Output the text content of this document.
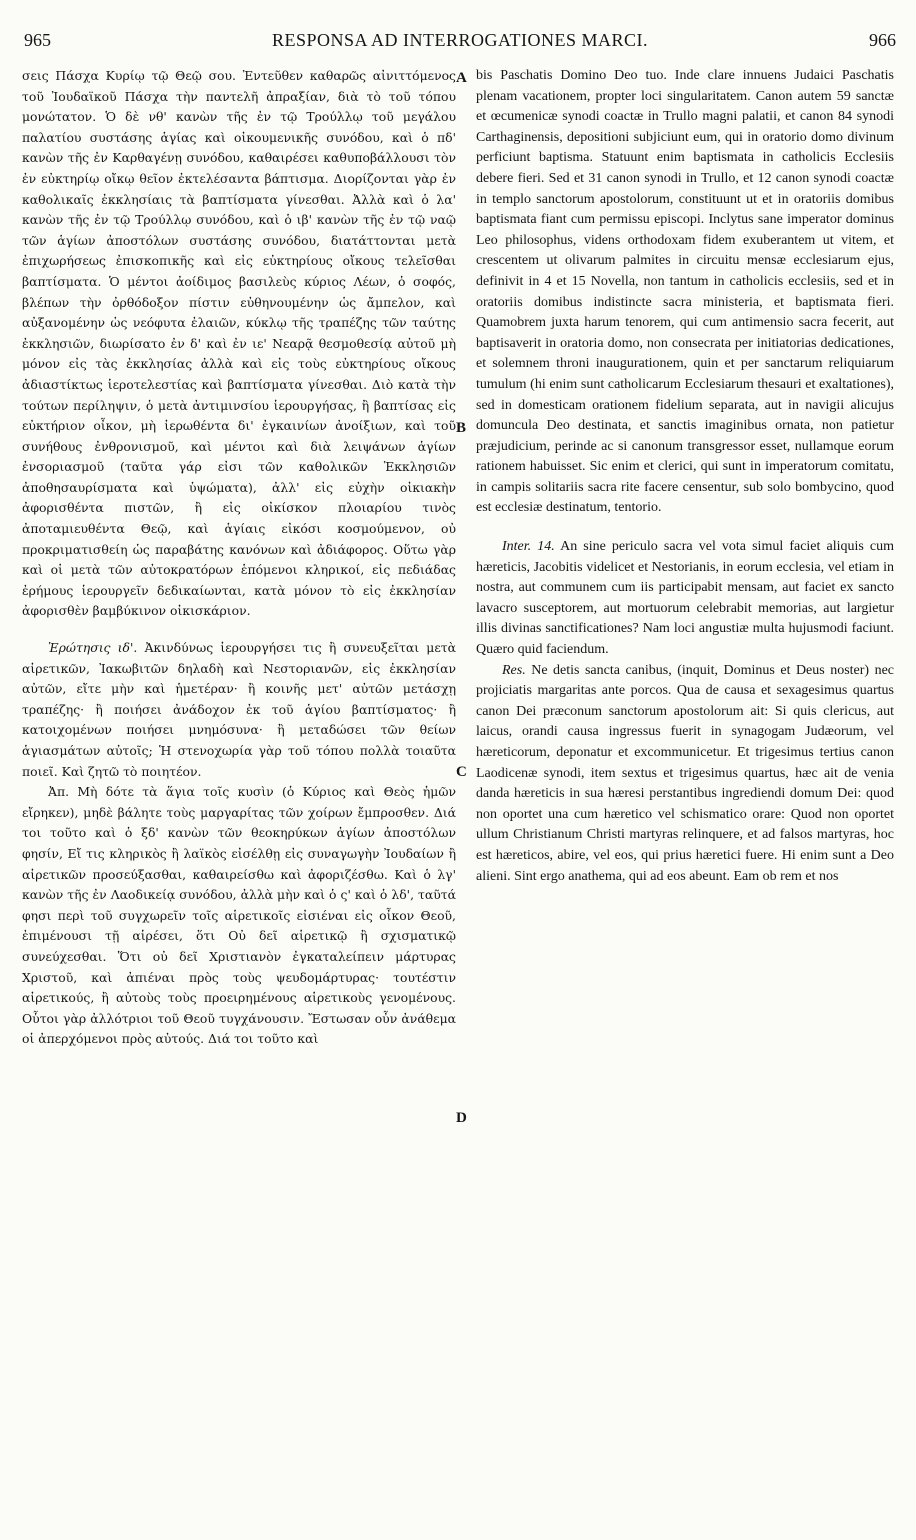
965	RESPONSA AD INTERROGATIONES MARCI.	966
A
B
C
D

σεις Πάσχα Κυρίῳ τῷ Θεῷ σου. Ἐντεῦθεν καθαρῶς αἰνιττόμενος τοῦ Ἰουδαϊκοῦ Πάσχα τὴν παντελῆ ἀπραξίαν, διὰ τὸ τοῦ τόπου μονώτατον. Ὁ δὲ νθ' κανὼν τῆς ἐν τῷ Τρούλλῳ τοῦ μεγάλου παλατίου συστάσης ἁγίας καὶ οἰκουμενικῆς συνόδου, καὶ ὁ πδ' κανὼν τῆς ἐν Καρθαγένῃ συνόδου, καθαιρέσει καθυποβάλλουσι τὸν ἐν εὐκτηρίῳ οἴκῳ θεῖον ἐκτελέσαντα βάπτισμα. Διορίζονται γὰρ ἐν καθολικαῖς ἐκκλησίαις τὰ βαπτίσματα γίνεσθαι. Ἀλλὰ καὶ ὁ λα' κανὼν τῆς ἐν τῷ Τρούλλῳ συνόδου, καὶ ὁ ιβ' κανὼν τῆς ἐν τῷ ναῷ τῶν ἁγίων ἀποστόλων συστάσης συνόδου, διατάττονται μετὰ ἐπιχωρήσεως ἐπισκοπικῆς καὶ εἰς εὐκτηρίους οἴκους τελεῖσθαι βαπτίσματα. Ὁ μέντοι ἀοίδιμος βασιλεὺς κύριος Λέων, ὁ σοφός, βλέπων τὴν ὀρθόδοξον πίστιν εὐθηνουμένην ὡς ἄμπελον, καὶ αὐξανομένην ὡς νεόφυτα ἐλαιῶν, κύκλῳ τῆς τραπέζης τῶν ταύτης ἐκκλησιῶν, διωρίσατο ἐν δ' καὶ ἐν ιε' Νεαρᾷ θεσμοθεσίᾳ αὐτοῦ μὴ μόνον εἰς τὰς ἐκκλησίας ἀλλὰ καὶ εἰς τοὺς εὐκτηρίους οἴκους ἀδιαστίκτως ἱεροτελεστίας καὶ βαπτίσματα γίνεσθαι. Διὸ κατὰ τὴν τούτων περίληψιν, ὁ μετὰ ἀντιμινσίου ἱερουργήσας, ἢ βαπτίσας εἰς εὐκτήριον οἶκον, μὴ ἱερωθέντα δι' ἐγκαινίων ἀνοίξιων, καὶ τοῦ συνήθους ἐνθρονισμοῦ, καὶ μέντοι καὶ διὰ λειψάνων ἁγίων ἐνσοριασμοῦ (ταῦτα γάρ εἰσι τῶν καθολικῶν Ἐκκλησιῶν ἀποθησαυρίσματα καὶ ὑψώματα), ἀλλ' εἰς εὐχὴν οἰκιακὴν ἀφορισθέντα πιστῶν, ἢ εἰς οἰκίσκον πλοιαρίου τινὸς ἀποταμιευθέντα Θεῷ, καὶ ἁγίαις εἰκόσι κοσμούμενον, οὐ προκριματισθείη ὡς παραβάτης κανόνων καὶ ἀδιάφορος. Οὕτω γὰρ καὶ οἱ μετὰ τῶν αὐτοκρατόρων ἑπόμενοι κληρικοί, εἰς πεδιάδας ἐρήμους ἱερουργεῖν δεδικαίωνται, κατὰ μόνον τὸ εἰς ἐκκλησίαν ἀφορισθὲν βαμβύκινον οἰκισκάριον.

Ἐρώτησις ιδ'. Ἀκινδύνως ἱερουργήσει τις ἢ συνευξεῖται μετὰ αἱρετικῶν, Ἰακωβιτῶν δηλαδὴ καὶ Νεστοριανῶν, εἰς ἐκκλησίαν αὐτῶν, εἴτε μὴν καὶ ἡμετέραν· ἢ κοινῆς μετ' αὐτῶν μετάσχῃ τραπέζης· ἢ ποιήσει ἀνάδοχον ἐκ τοῦ ἁγίου βαπτίσματος· ἢ κατοιχομένων ποιήσει μνημόσυνα· ἢ μεταδώσει τῶν θείων ἁγιασμάτων αὐτοῖς; Ἡ στενοχωρία γὰρ τοῦ τόπου πολλὰ τοιαῦτα ποιεῖ. Καὶ ζητῶ τὸ ποιητέον.

Ἀπ. Μὴ δότε τὰ ἅγια τοῖς κυσὶν (ὁ Κύριος καὶ Θεὸς ἡμῶν εἴρηκεν), μηδὲ βάλητε τοὺς μαργαρίτας τῶν χοίρων ἔμπροσθεν. Διά τοι τοῦτο καὶ ὁ ξδ' κανὼν τῶν θεοκηρύκων ἁγίων ἀποστόλων φησίν, Εἴ τις κληρικὸς ἢ λαϊκὸς εἰσέλθῃ εἰς συναγωγὴν Ἰουδαίων ἢ αἱρετικῶν προσεύξασθαι, καθαιρείσθω καὶ ἀφοριζέσθω. Καὶ ὁ λγ' κανὼν τῆς ἐν Λαοδικείᾳ συνόδου, ἀλλὰ μὴν καὶ ὁ ς' καὶ ὁ λδ', ταῦτά φησι περὶ τοῦ συγχωρεῖν τοῖς αἱρετικοῖς εἰσιέναι εἰς οἶκον Θεοῦ, ἐπιμένουσι τῇ αἱρέσει, ὅτι Οὐ δεῖ αἱρετικῷ ἢ σχισματικῷ συνεύχεσθαι. Ὅτι οὐ δεῖ Χριστιανὸν ἐγκαταλείπειν μάρτυρας Χριστοῦ, καὶ ἀπιέναι πρὸς τοὺς ψευδομάρτυρας· τουτέστιν αἱρετικούς, ἢ αὐτοὺς τοὺς προειρημένους αἱρετικοὺς γενομένους. Οὗτοι γὰρ ἀλλότριοι τοῦ Θεοῦ τυγχάνουσιν. Ἔστωσαν οὖν ἀνάθεμα οἱ ἀπερχόμενοι πρὸς αὐτούς. Διά τοι τοῦτο καὶ

bis Paschatis Domino Deo tuo. Inde clare innuens Judaici Paschatis plenam vacationem, propter loci singularitatem. Canon autem 59 sanctæ et œcumenicæ synodi coactæ in Trullo magni palatii, et canon 84 synodi Carthaginensis, depositioni subjiciunt eum, qui in oratorio domo divinum perficiunt baptisma. Statuunt enim baptismata in catholicis Ecclesiis debere fieri. Sed et 31 canon synodi in Trullo, et 12 canon synodi coactæ in templo sanctorum apostolorum, constituunt ut et in oratoriis domibus baptismata fiant cum permissu episcopi. Inclytus sane imperator dominus Leo philosophus, videns orthodoxam fidem exuberantem ut vitem, et crescentem ut olivarum palmites in circuitu mensæ ecclesiarum ejus, definivit in 4 et 15 Novella, non tantum in catholicis ecclesiis, sed et in oratoriis domibus indistincte sacra ministeria, et baptismata fieri. Quamobrem juxta harum tenorem, qui cum antimensio sacra fecerit, aut baptisaverit in oratoria domo, non consecrata per initiatorias dedicationes, et solemnem throni inaugurationem, quin et per sanctarum reliquiarum tumulum (hi enim sunt catholicarum Ecclesiarum thesauri et exaltationes), sed in domesticam orationem fidelium separata, aut in navigii alicujus domuncula Deo destinata, et sanctis imaginibus ornata, non patietur præjudicium, perinde ac si canonum transgressor esset, nullamque eorum rationem habuisset. Sic enim et clerici, qui sunt in imperatorum comitatu, in campis solitariis sacra rite facere censentur, sub solo bombycino, quod est ecclesiæ destinatum, tentorio.

Inter. 14. An sine periculo sacra vel vota simul faciet aliquis cum hæreticis, Jacobitis videlicet et Nestorianis, in eorum ecclesia, vel etiam in nostra, aut communem cum iis participabit mensam, aut faciet ex sancto lavacro susceptorem, aut mortuorum celebrabit memorias, aut largietur illis divinas sanctificationes? Nam loci angustiæ multa hujusmodi faciunt. Quæro quid faciendum.

Res. Ne detis sancta canibus, (inquit, Dominus et Deus noster) nec projiciatis margaritas ante porcos. Qua de causa et sexagesimus quartus canon Dei præconum sanctorum apostolorum ait: Si quis clericus, aut laicus, orandi causa ingressus fuerit in synagogam Judæorum, vel hæreticorum, deponatur et excommunicetur. Et trigesimus tertius canon Laodicenæ synodi, item sextus et trigesimus quartus, hæc ait de venia danda hæreticis in sua hæresi perstantibus ingrediendi domum Dei: quod non oportet una cum hæretico vel schismatico orare: Quod non oportet ullum Christianum Christi martyras relinquere, et ad falsos martyras, hoc est hæreticos, abire, vel eos, qui prius hæretici fuere. Hi enim sunt a Deo alieni. Sint ergo anathema, qui ad eos abeunt. Eam ob rem et nos
